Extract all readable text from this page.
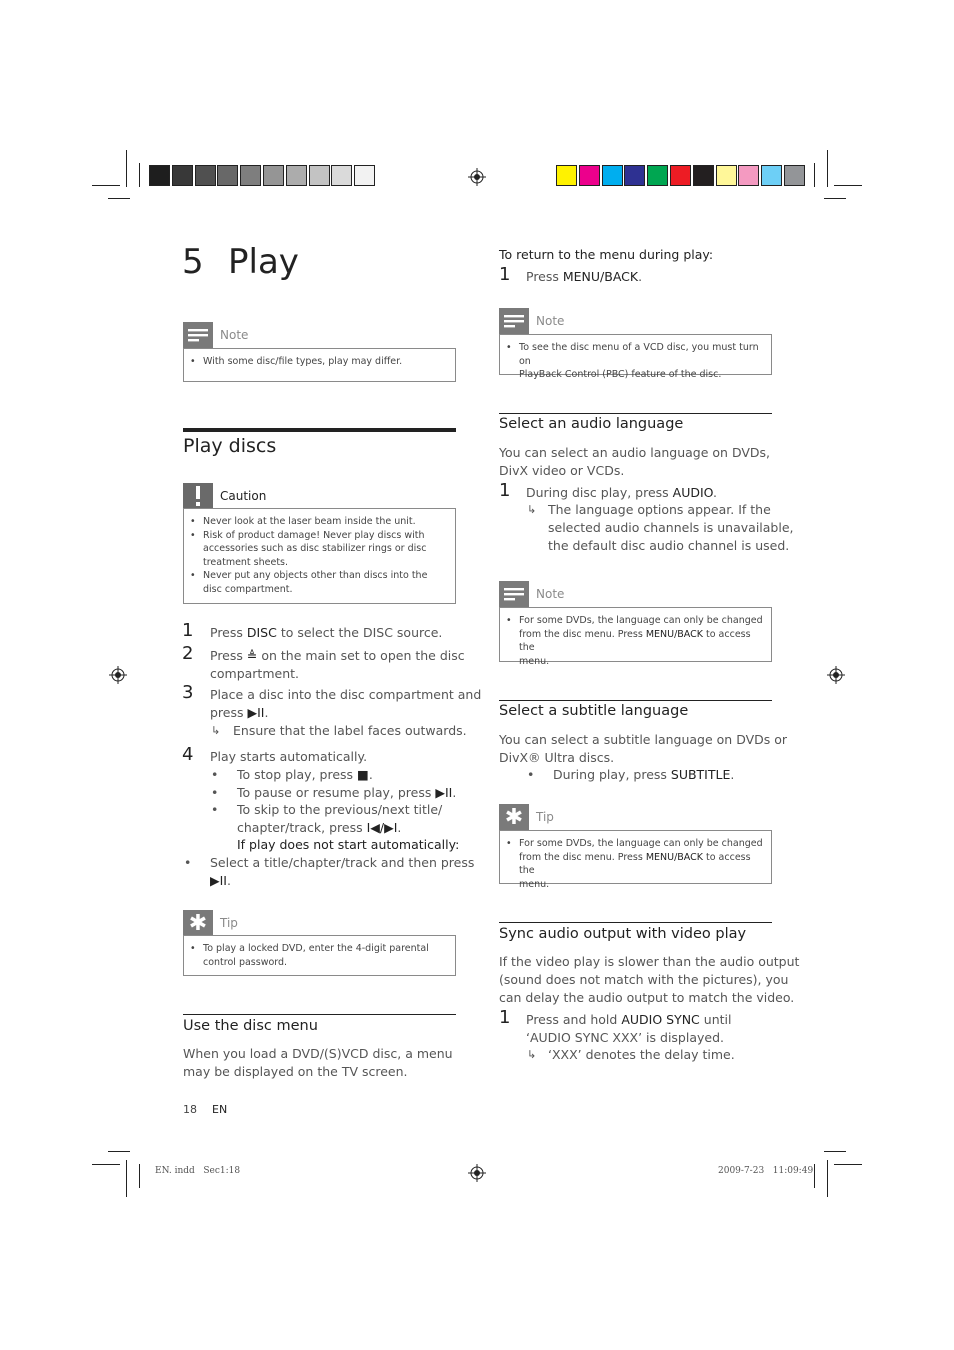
5 Play
Note
• With some disc/file types, play may differ.
Play discs
Caution
• Never look at the laser beam inside the unit.
• Risk of product damage! Never play discs with accessories such as disc stabilizer rings or disc treatment sheets.
• Never put any objects other than discs into the disc compartment.
1 Press DISC to select the DISC source.
2 Press ≜ on the main set to open the disc
compartment.
3 Place a disc into the disc compartment and
press ▶II.
↳ Ensure that the label faces outwards.
4 Play starts automatically.
• To stop play, press ■.
• To pause or resume play, press ▶II.
• To skip to the previous/next title/
chapter/track, press I◀/▶I.
If play does not start automatically:
• Select a title/chapter/track and then press
▶II.
✱	Tip
• To play a locked DVD, enter the 4-digit parental control password.
Use the disc menu
When you load a DVD/(S)VCD disc, a menu
may be displayed on the TV screen.
To return to the menu during play:
1 Press MENU/BACK.
Note
• To see the disc menu of a VCD disc, you must turn on
PlayBack Control (PBC) feature of the disc.
Select an audio language
You can select an audio language on DVDs,
DivX video or VCDs.
1 During disc play, press AUDIO.
↳ The language options appear. If the
selected audio channels is unavailable,
the default disc audio channel is used.
Note
• For some DVDs, the language can only be changed
from the disc menu. Press MENU/BACK to access the
menu.
Select a subtitle language
You can select a subtitle language on DVDs or
DivX® Ultra discs.
• During play, press SUBTITLE.
✱	Tip
• For some DVDs, the language can only be changed
from the disc menu. Press MENU/BACK to access the
menu.
Sync audio output with video play
If the video play is slower than the audio output
(sound does not match with the pictures), you
can delay the audio output to match the video.
1 Press and hold AUDIO SYNC until
‘AUDIO SYNC XXX’ is displayed.
↳ ‘XXX’ denotes the delay time.
18 EN
EN. indd   Sec1:18	2009-7-23   11:09:49
